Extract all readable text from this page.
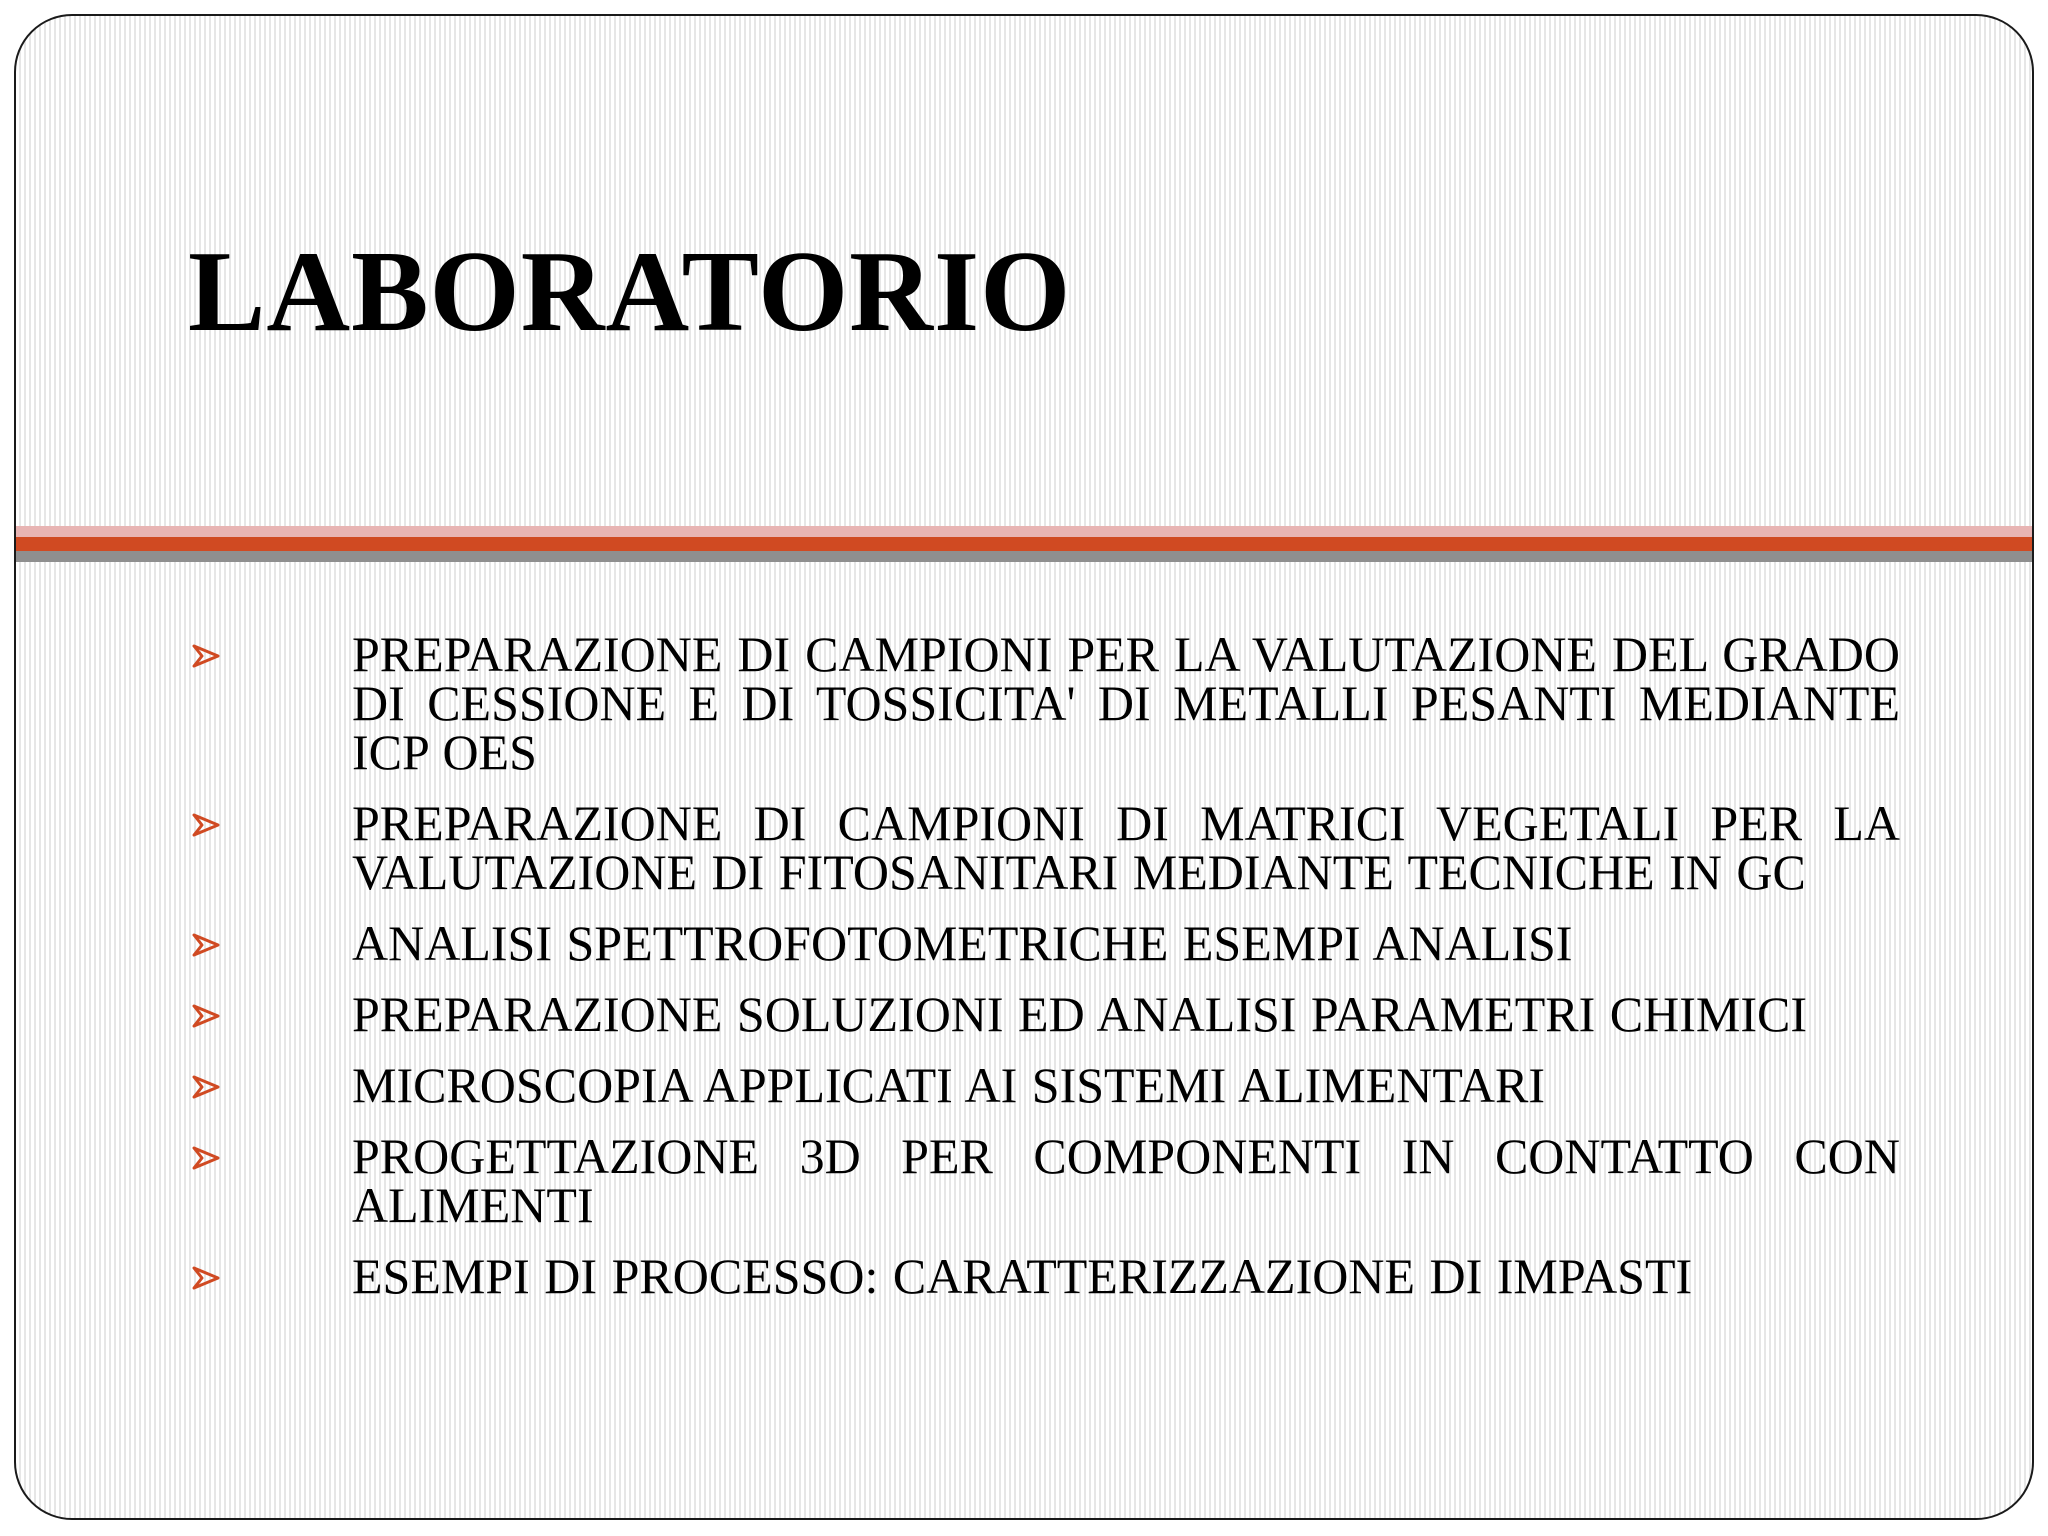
LABORATORIO
PREPARAZIONE DI CAMPIONI PER LA VALUTAZIONE DEL GRADO DI CESSIONE E DI TOSSICITA' DI METALLI PESANTI MEDIANTE ICP OES
PREPARAZIONE DI CAMPIONI DI MATRICI VEGETALI PER LA VALUTAZIONE DI FITOSANITARI MEDIANTE TECNICHE IN GC
ANALISI SPETTROFOTOMETRICHE ESEMPI ANALISI
PREPARAZIONE SOLUZIONI ED ANALISI PARAMETRI CHIMICI
MICROSCOPIA APPLICATI AI SISTEMI ALIMENTARI
PROGETTAZIONE 3D PER COMPONENTI IN CONTATTO CON ALIMENTI
ESEMPI DI PROCESSO: CARATTERIZZAZIONE DI IMPASTI
